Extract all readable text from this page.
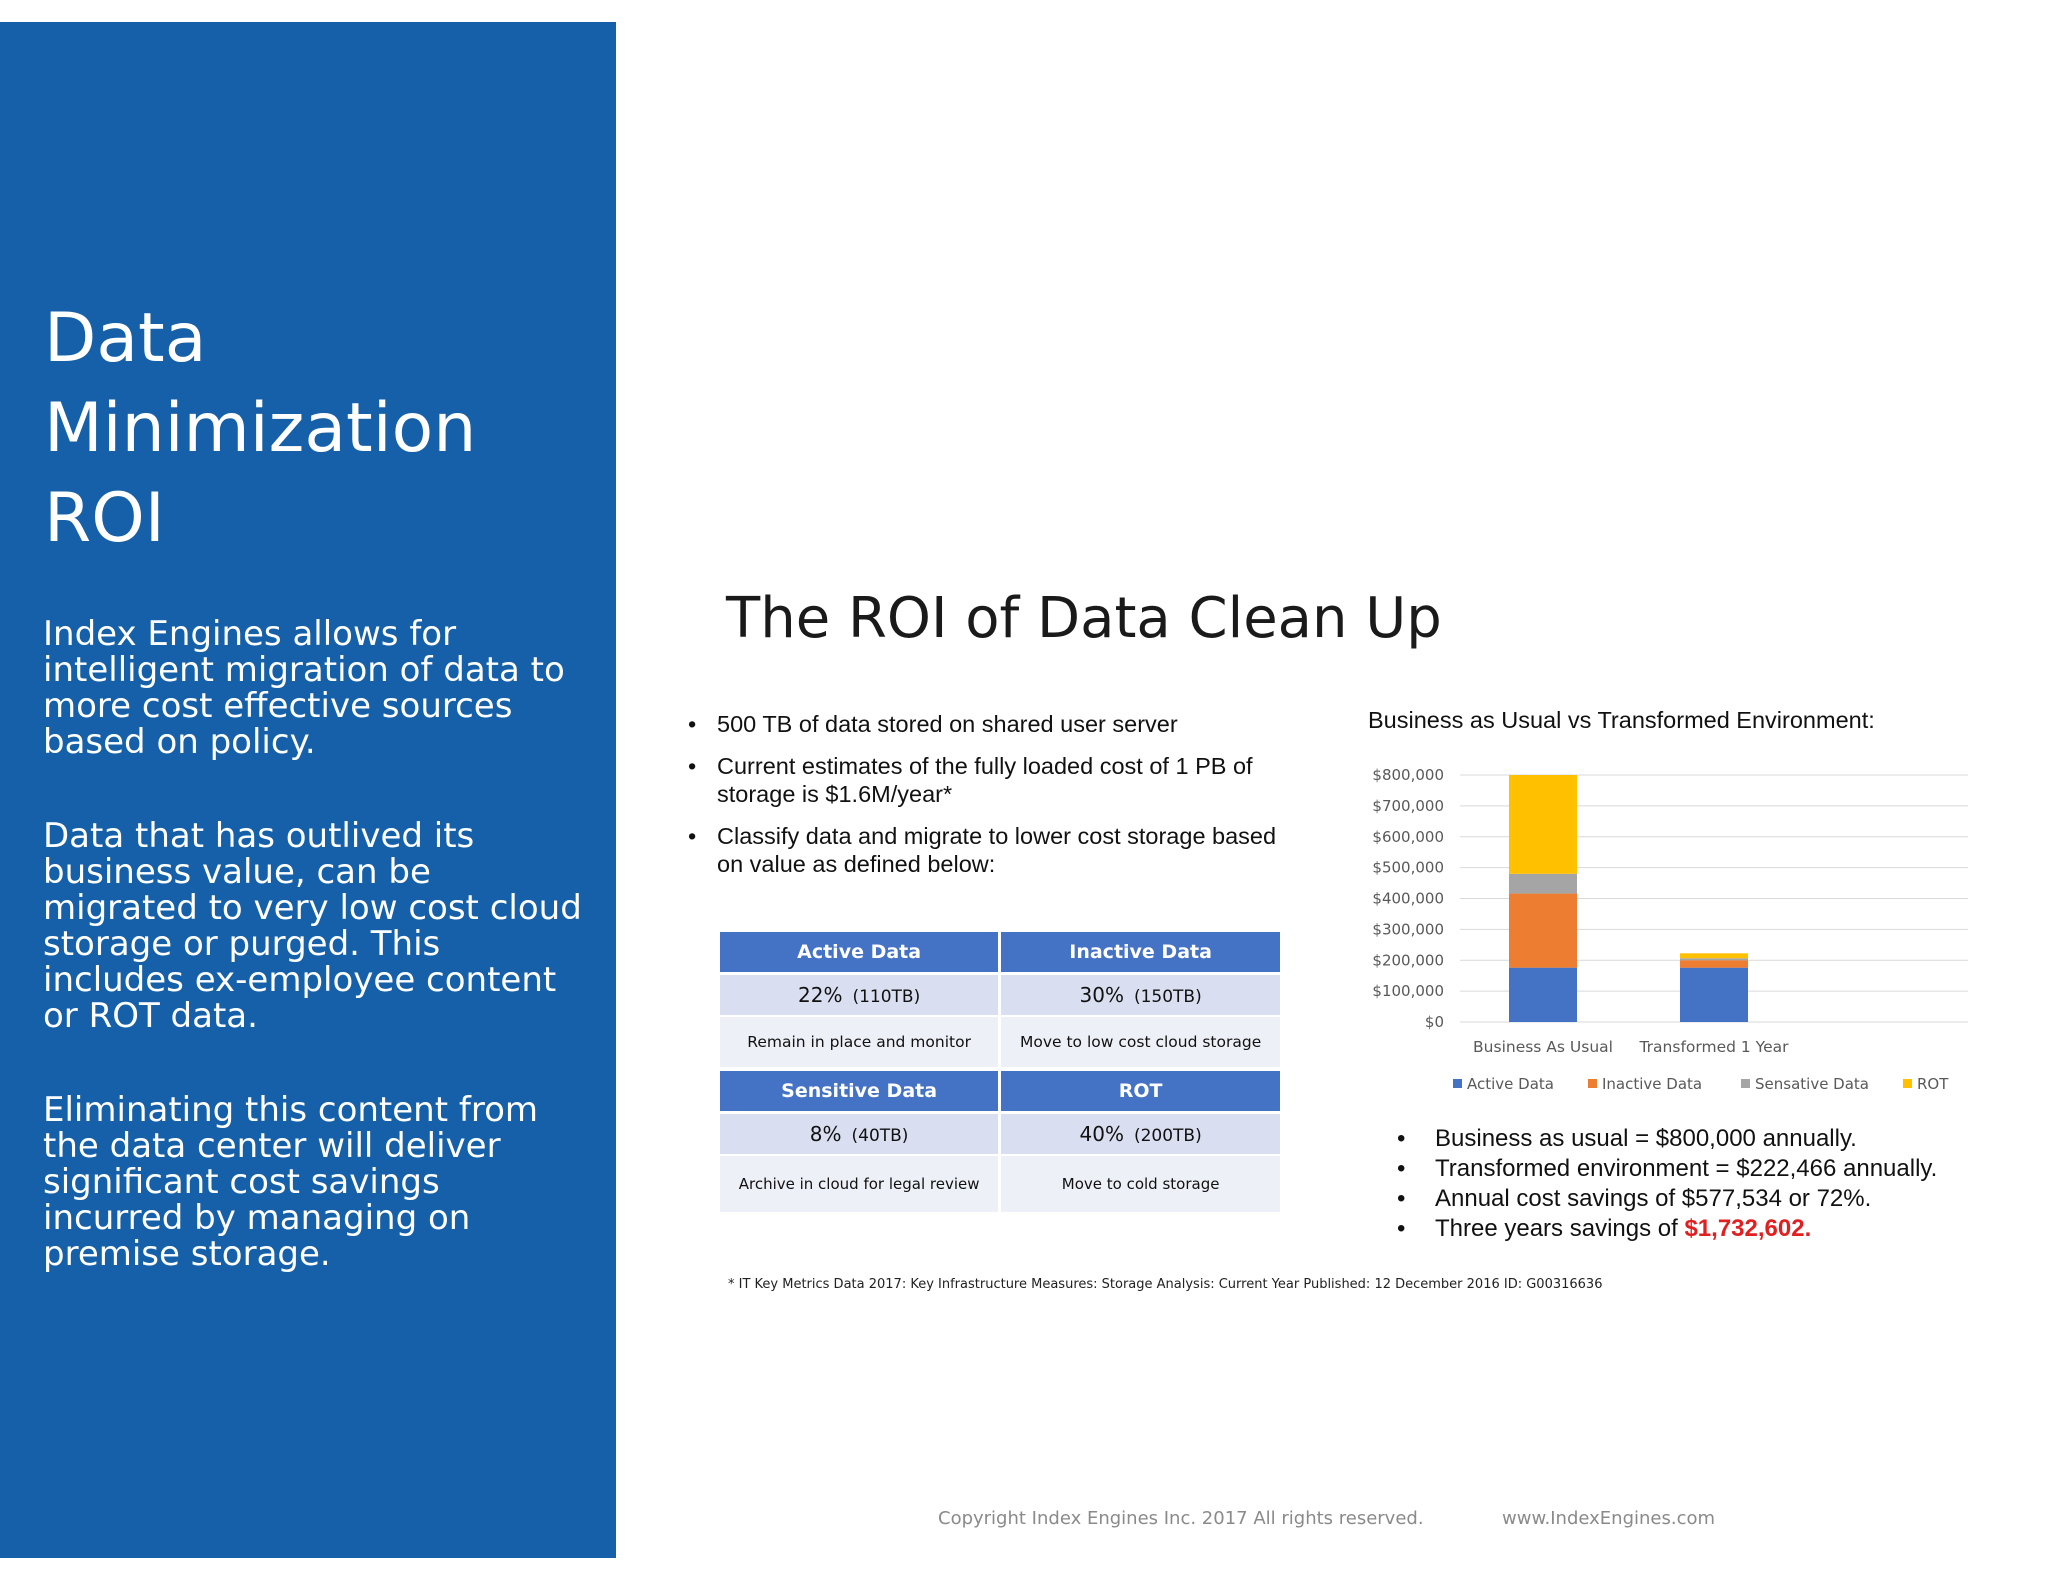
Data
Minimization
ROI

Index Engines allows for intelligent migration of data to more cost effective sources based on policy.

Data that has outlived its business value, can be migrated to very low cost cloud storage or purged. This includes ex-employee content or ROT data.

Eliminating this content from the data center will deliver significant cost savings incurred by managing on premise storage.

The ROI of Data Clean Up
• 500 TB of data stored on shared user server
• Current estimates of the fully loaded cost of 1 PB of storage is $1.6M/year*
• Classify data and migrate to lower cost storage based on value as defined below:
Active Data	Inactive Data
22% (110TB)	30% (150TB)
Remain in place and monitor	Move to low cost cloud storage
Sensitive Data	ROT
8% (40TB)	40% (200TB)
Archive in cloud for legal review	Move to cold storage
Business as Usual vs Transformed Environment:
$0
$100,000
$200,000
$300,000
$400,000
$500,000
$600,000
$700,000
$800,000
Business As Usual Transformed 1 Year
Active Data	Inactive Data	Sensative Data	ROT
• Business as usual = $800,000 annually.
• Transformed environment = $222,466 annually.
• Annual cost savings of $577,534 or 72%.
• Three years savings of $1,732,602.
* IT Key Metrics Data 2017: Key Infrastructure Measures: Storage Analysis: Current Year Published: 12 December 2016 ID: G00316636
Copyright Index Engines Inc. 2017 All rights reserved.	www.IndexEngines.com
